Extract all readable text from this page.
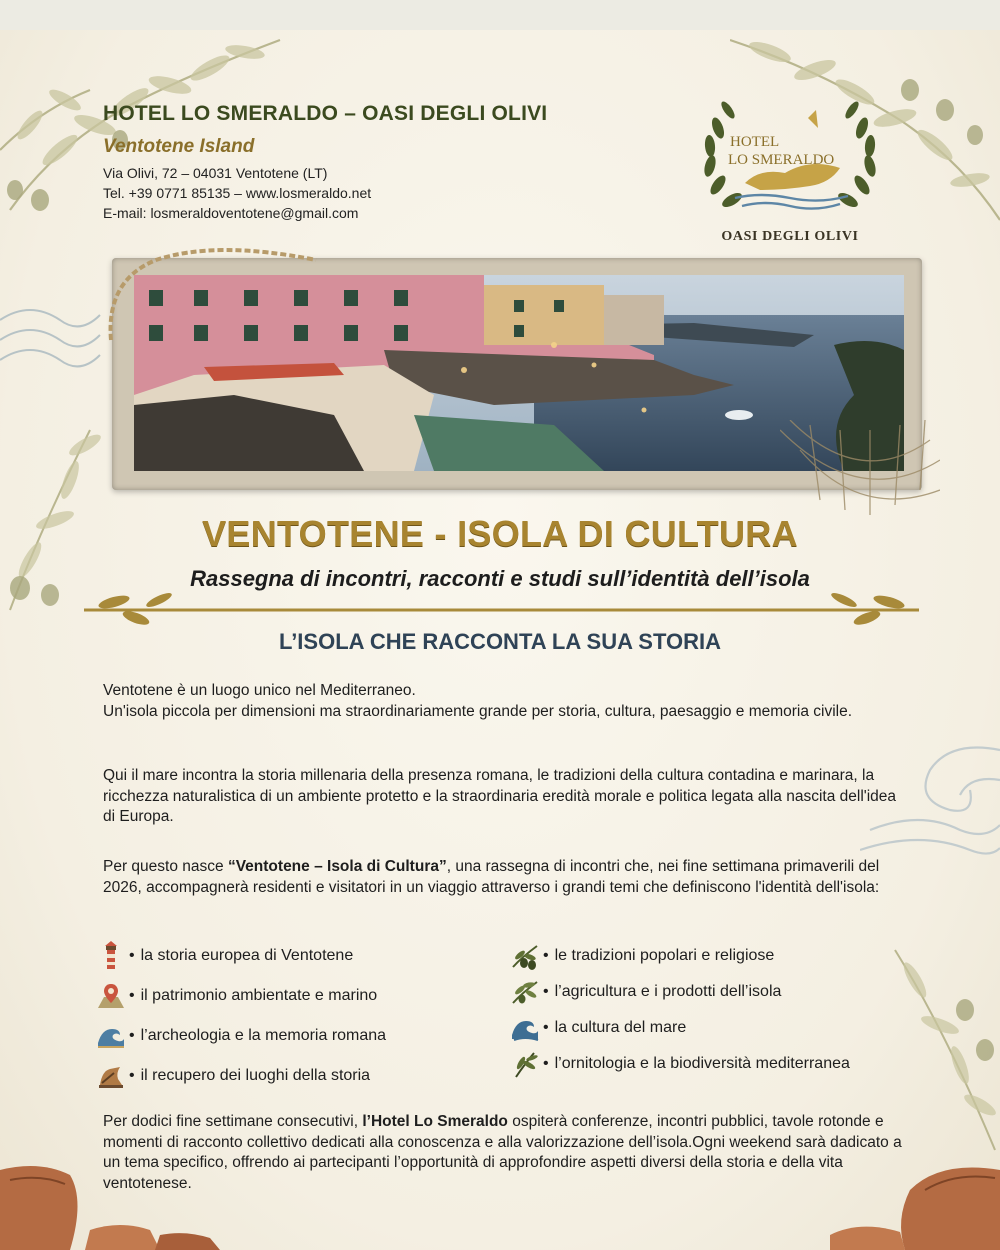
HOTEL LO SMERALDO – OASI DEGLI OLIVI
Ventotene Island
Via Olivi, 72 – 04031 Ventotene (LT)
Tel. +39 0771 85135 – www.losmeraldo.net
E-mail: losmeraldoventotene@gmail.com
HOTEL
LO SMERALDO
OASI DEGLI OLIVI
VENTOTENE - ISOLA DI CULTURA
Rassegna di incontri, racconti e studi sull’identità dell’isola
L’ISOLA CHE RACCONTA LA SUA STORIA

Ventotene è un luogo unico nel Mediterraneo.
Un'isola piccola per dimensioni ma straordinariamente grande per storia, cultura, paesaggio e memoria civile.

Qui il mare incontra la storia millenaria della presenza romana, le tradizioni della cultura contadina e marinara, la ricchezza naturalistica di un ambiente protetto e la straordinaria eredità morale e politica legata alla nascita dell'idea di Europa.

Per questo nasce “Ventotene – Isola di Cultura”, una rassegna di incontri che, nei fine settimana primaverili del 2026, accompagnerà residenti e visitatori in un viaggio attraverso i grandi temi che definiscono l'identità dell'isola:

• la storia europea di Ventotene
• il patrimonio ambientate e marino
• l’archeologia e la memoria romana
• il recupero dei luoghi della storia
• le tradizioni popolari e religiose
• l’agricultura e i prodotti dell’isola
• la cultura del mare
• l’ornitologia e la biodiversità mediterranea

Per dodici fine settimane consecutivi, l’Hotel Lo Smeraldo ospiterà conferenze, incontri pubblici, tavole rotonde e momenti di racconto collettivo dedicati alla conoscenza e alla valorizzazione dell’isola.Ogni weekend sarà dadicato a un tema specifico, offrendo ai partecipanti l’opportunità di approfondire aspetti diversi della storia e della vita ventotenese.
